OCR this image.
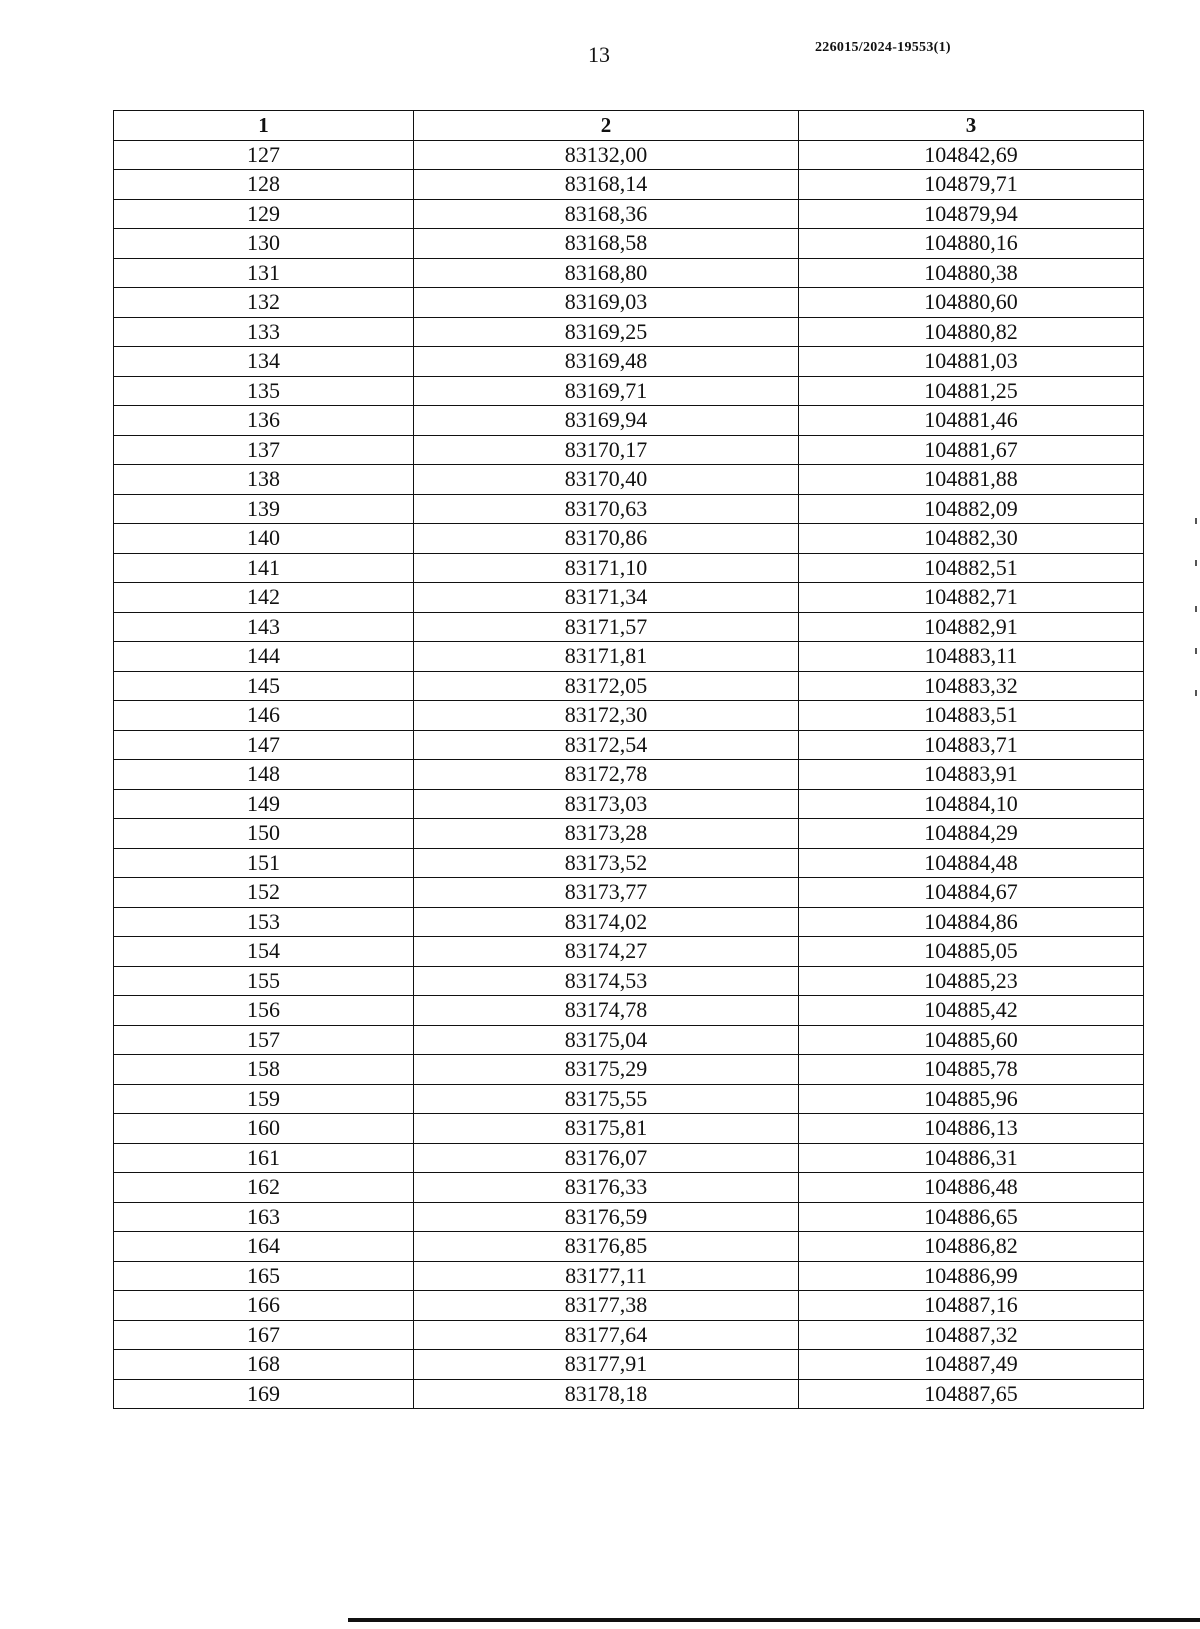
13	226015/2024-19553(1)
1	2	3
127	83132,00	104842,69
128	83168,14	104879,71
129	83168,36	104879,94
130	83168,58	104880,16
131	83168,80	104880,38
132	83169,03	104880,60
133	83169,25	104880,82
134	83169,48	104881,03
135	83169,71	104881,25
136	83169,94	104881,46
137	83170,17	104881,67
138	83170,40	104881,88
139	83170,63	104882,09
140	83170,86	104882,30
141	83171,10	104882,51
142	83171,34	104882,71
143	83171,57	104882,91
144	83171,81	104883,11
145	83172,05	104883,32
146	83172,30	104883,51
147	83172,54	104883,71
148	83172,78	104883,91
149	83173,03	104884,10
150	83173,28	104884,29
151	83173,52	104884,48
152	83173,77	104884,67
153	83174,02	104884,86
154	83174,27	104885,05
155	83174,53	104885,23
156	83174,78	104885,42
157	83175,04	104885,60
158	83175,29	104885,78
159	83175,55	104885,96
160	83175,81	104886,13
161	83176,07	104886,31
162	83176,33	104886,48
163	83176,59	104886,65
164	83176,85	104886,82
165	83177,11	104886,99
166	83177,38	104887,16
167	83177,64	104887,32
168	83177,91	104887,49
169	83178,18	104887,65
